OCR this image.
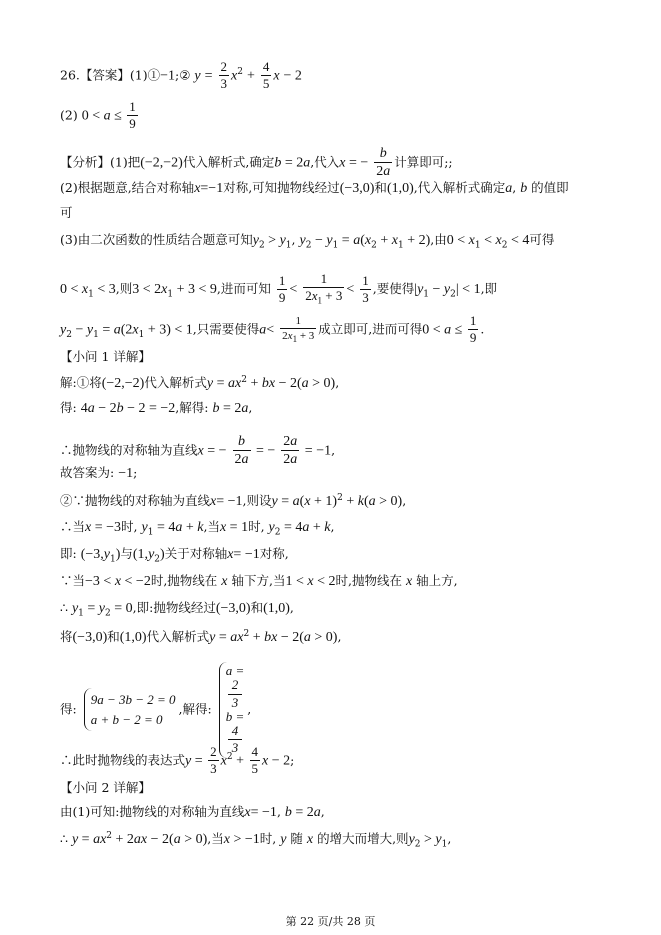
26.【答案】(1)①−1;② $y = \frac{2}{3} x^2 + \frac{4}{5}$ x − 2
(2) $0 < a \le \frac{1}{9}$
【分析】(1)把(−2,−2)代入解析式,确定b = 2a,代入x = − $\frac{b}{2a}$ 计算即可;;
(2)根据题意,结合对称轴x=−1对称,可知抛物线经过(−3,0)和(1,0),代入解析式确定a, b 的值即
可
(3)由二次函数的性质结合题意可知$y_2 > y_1$, $y_2 - y_1 = a(x_2 + x_1 + 2)$,由$0 < x_1 < x_2 < 4$可得
$0 < x_1 < 3$,则$3 < 2x_1 + 3 < 9$,进而可知 $\frac{1}{9} < \frac{1}{2x_1 + 3} < \frac{1}{3}$ ,要使得$|y_1 - y_2| < 1$,即
$y_2 - y_1 = a(2x_1 + 3) < 1$,只需要使得$a< \frac{1}{2x_1 + 3}$ 成立即可,进而可得$0 < a \le \frac{1}{9}$ .
【小问 1 详解】
解:①将(−2,−2)代入解析式$y = ax^2$ + bx − 2(a > 0),
得: 4a − 2b − 2 = −2,解得: b = 2a,
∴抛物线的对称轴为直线x = − $\frac{b}{2a}$ = − $\frac{2a}{2a} = -1$,
故答案为: −1;
②∵抛物线的对称轴为直线x= −1,则设$y = a(x + 1)^2 + k(a > 0)$,
∴当x = −3时, $y_1 = 4a + k$,当x = 1时, $y_2 = 4a + k$,
即: $(-3,y_1)$与$(1,y_2)$关于对称轴x= −1对称,
∵当−3 < x < −2时,抛物线在 x 轴下方,当1 < x < 2时,抛物线在 x 轴上方,
∴ $y_1 = y_2 = 0$,即:抛物线经过(−3,0)和(1,0),
将(−3,0)和(1,0)代入解析式$y = ax^2$ + bx − 2(a > 0),
得:
9a − 3b − 2 = 0
a + b − 2 = 0
,解得:
a =
2
3
b =
4
3
,
∴此时抛物线的表达式$y = \frac{2}{3} x^2 + \frac{4}{5}$ x − 2;
【小问 2 详解】
由(1)可知:抛物线的对称轴为直线x= −1, b = 2a,
∴ $y = ax^2 + 2ax - 2(a > 0)$,当x > −1时, y 随 x 的增大而增大,则$y_2 > y_1$,
第 22 页/共 28 页
